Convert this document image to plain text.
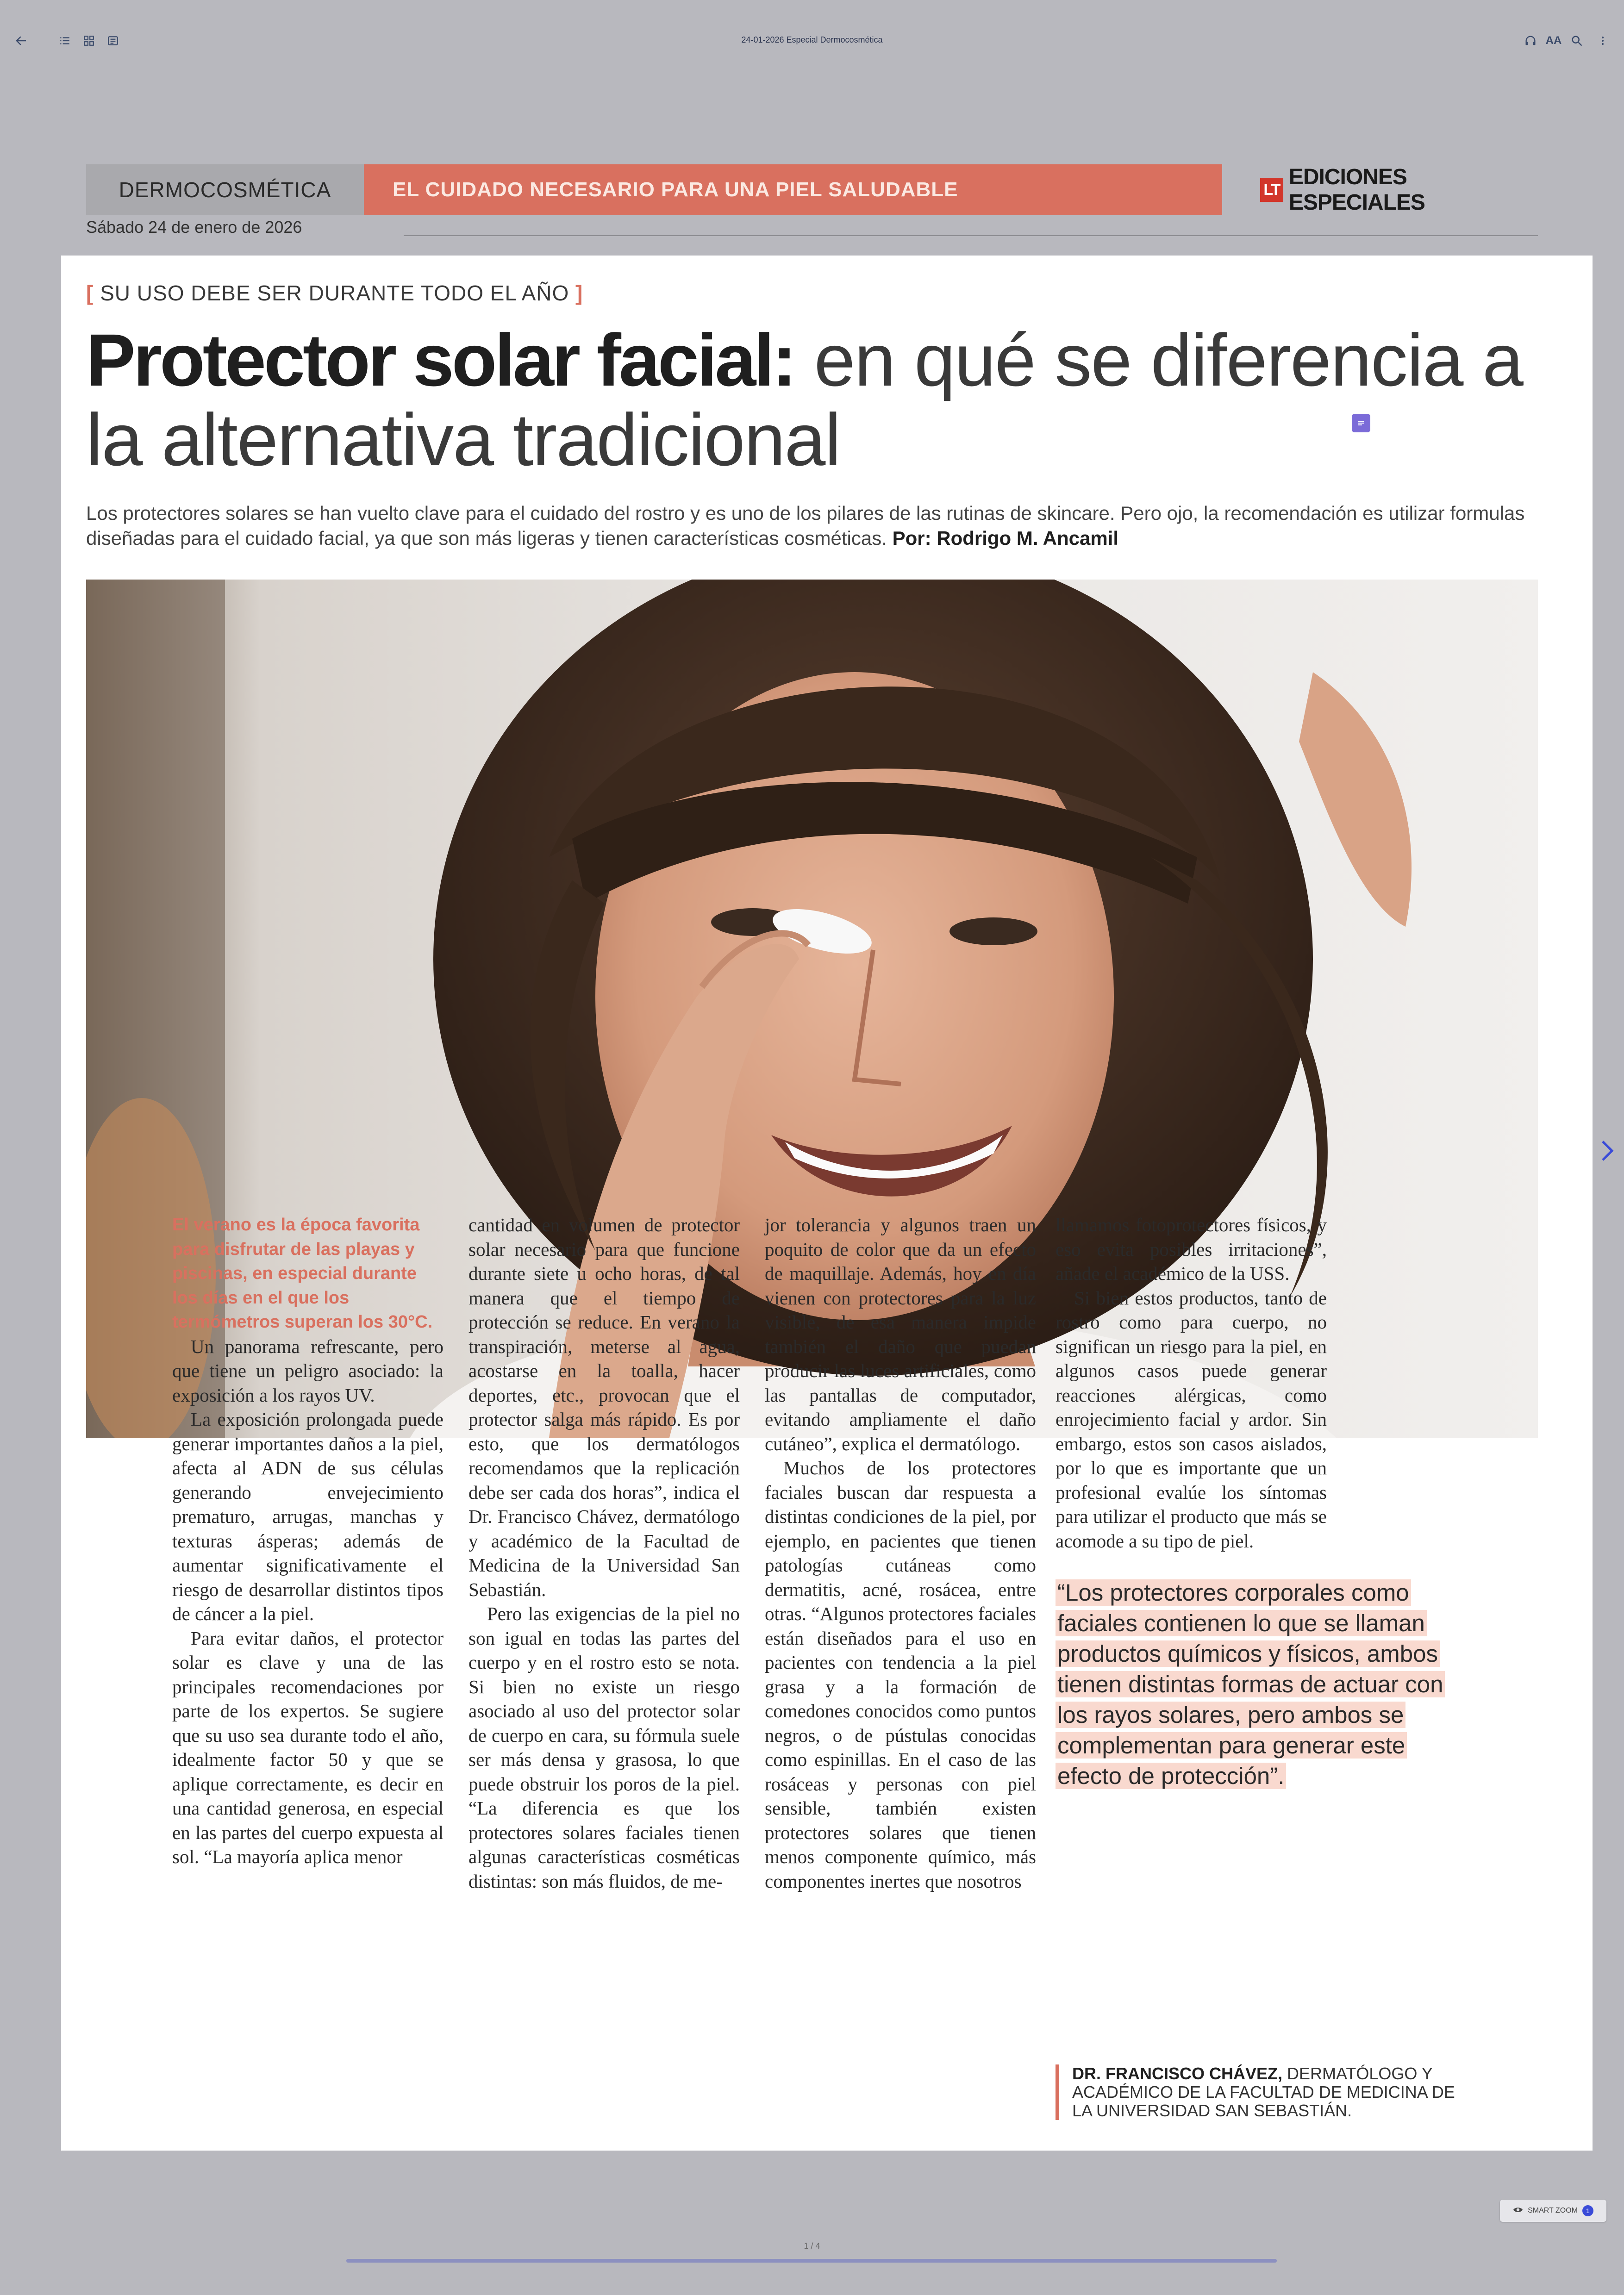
24-01-2026 Especial Dermocosmética	AA
DERMOCOSMÉTICA	EL CUIDADO NECESARIO PARA UNA PIEL SALUDABLE	LT
EDICIONES ESPECIALES
Sábado 24 de enero de 2026
[ SU USO DEBE SER DURANTE TODO EL AÑO ]
Protector solar facial: en qué se diferencia a la alternativa tradicional
Los protectores solares se han vuelto clave para el cuidado del rostro y es uno de los pilares de las rutinas de skincare. Pero ojo, la recomendación es utilizar formulas diseñadas para el cuidado facial, ya que son más ligeras y tienen características cosméticas. Por: Rodrigo M. Ancamil

El verano es la época favorita para disfrutar de las playas y piscinas, en especial durante los días en el que los termómetros superan los 30°C.

Un panorama refrescante, pero que tiene un peligro asociado: la exposición a los rayos UV.

La exposición prolongada puede generar importantes daños a la piel, afecta al ADN de sus células generando envejecimiento prematuro, arrugas, manchas y texturas ásperas; además de aumentar significativamente el riesgo de desarrollar distintos tipos de cáncer a la piel.

Para evitar daños, el protector solar es clave y una de las principales recomendaciones por parte de los expertos. Se sugiere que su uso sea durante todo el año, idealmente factor 50 y que se aplique correctamente, es decir en una cantidad generosa, en especial en las partes del cuerpo expuesta al sol. “La mayoría aplica menor

cantidad en volumen de protector solar necesario para que funcione durante siete u ocho horas, de tal manera que el tiempo de protección se reduce. En verano la transpiración, meterse al agua, acostarse en la toalla, hacer deportes, etc., provocan que el protector salga más rápido. Es por esto, que los dermatólogos recomendamos que la replicación debe ser cada dos horas”, indica el Dr. Francisco Chávez, dermatólogo y académico de la Facultad de Medicina de la Universidad San Sebastián.

Pero las exigencias de la piel no son igual en todas las partes del cuerpo y en el rostro esto se nota. Si bien no existe un riesgo asociado al uso del protector solar de cuerpo en cara, su fórmula suele ser más densa y grasosa, lo que puede obstruir los poros de la piel. “La diferencia es que los protectores solares faciales tienen algunas características cosméticas distintas: son más fluidos, de me-

jor tolerancia y algunos traen un poquito de color que da un efecto de maquillaje. Además, hoy en día vienen con protectores para la luz visible, de esa manera impide también el daño que puedan producir las luces artificiales, como las pantallas de computador, evitando ampliamente el daño cutáneo”, explica el dermatólogo.

Muchos de los protectores faciales buscan dar respuesta a distintas condiciones de la piel, por ejemplo, en pacientes que tienen patologías cutáneas como dermatitis, acné, rosácea, entre otras. “Algunos protectores faciales están diseñados para el uso en pacientes con tendencia a la piel grasa y a la formación de comedones conocidos como puntos negros, o de pústulas conocidas como espinillas. En el caso de las rosáceas y personas con piel sensible, también existen protectores solares que tienen menos componente químico, más componentes inertes que nosotros

llamamos fotoprotectores físicos, y eso evita posibles irritaciones”, añade el académico de la USS.

Si bien estos productos, tanto de rostro como para cuerpo, no significan un riesgo para la piel, en algunos casos puede generar reacciones alérgicas, como enrojecimiento facial y ardor. Sin embargo, estos son casos aislados, por lo que es importante que un profesional evalúe los síntomas para utilizar el producto que más se acomode a su tipo de piel.

“Los protectores corporales como faciales contienen lo que se llaman productos químicos y físicos, ambos tienen distintas formas de actuar con los rayos solares, pero ambos se complementan para generar este efecto de protección”.
DR. FRANCISCO CHÁVEZ, DERMATÓLOGO Y ACADÉMICO DE LA FACULTAD DE MEDICINA DE LA UNIVERSIDAD SAN SEBASTIÁN.
SMART ZOOM	1
1 / 4
